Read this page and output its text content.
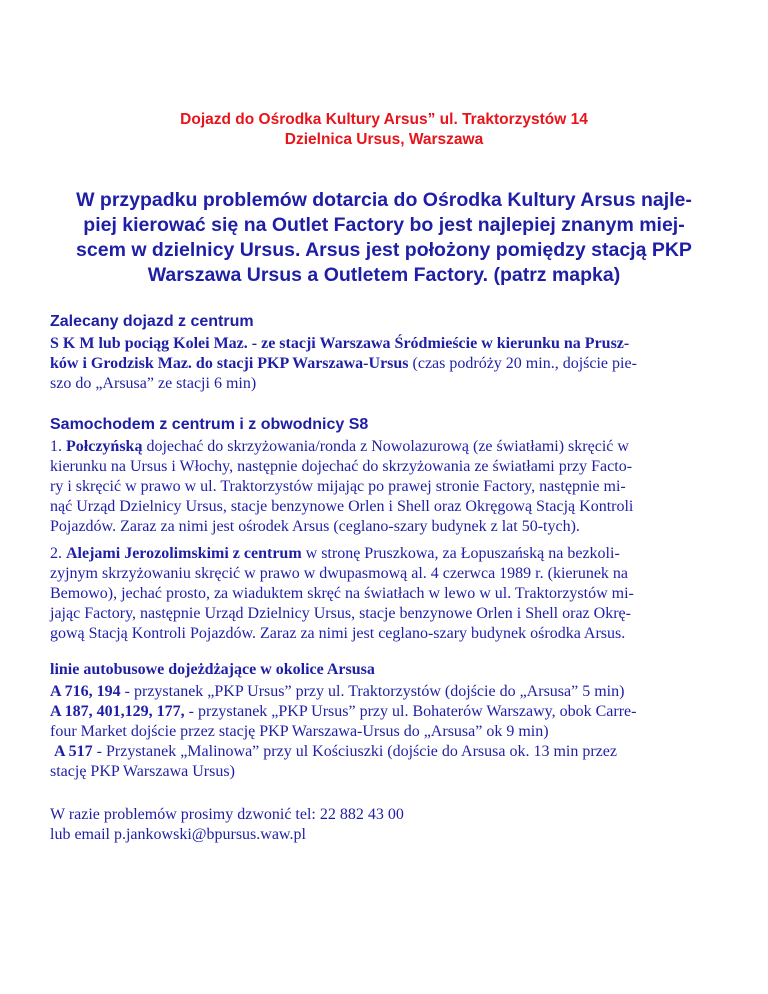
Dojazd do Ośrodka Kultury Arsus” ul. Traktorzystów 14
Dzielnica Ursus, Warszawa
W przypadku problemów dotarcia do Ośrodka Kultury Arsus najle-
piej kierować się na Outlet Factory bo jest najlepiej znanym miej-
scem w dzielnicy Ursus. Arsus jest położony pomiędzy stacją PKP
Warszawa Ursus a Outletem Factory. (patrz mapka)
Zalecany dojazd z centrum
S K M lub pociąg Kolei Maz. - ze stacji Warszawa Śródmieście w kierunku na Prusz-
ków i Grodzisk Maz. do stacji PKP Warszawa-Ursus (czas podróży 20 min., dojście pie-
szo do „Arsusa” ze stacji 6 min)
Samochodem z centrum i z obwodnicy S8
1. Połczyńską dojechać do skrzyżowania/ronda z Nowolazurową (ze światłami) skręcić w
kierunku na Ursus i Włochy, następnie dojechać do skrzyżowania ze światłami przy Facto-
ry i skręcić w prawo w ul. Traktorzystów mijając po prawej stronie Factory, następnie mi-
nąć Urząd Dzielnicy Ursus, stacje benzynowe Orlen i Shell oraz Okręgową Stacją Kontroli
Pojazdów. Zaraz za nimi jest ośrodek Arsus (ceglano-szary budynek z lat 50-tych).
2. Alejami Jerozolimskimi z centrum w stronę Pruszkowa, za Łopuszańską na bezkoli-
zyjnym skrzyżowaniu skręcić w prawo w dwupasmową al. 4 czerwca 1989 r. (kierunek na
Bemowo), jechać prosto, za wiaduktem skręć na światłach w lewo w ul. Traktorzystów mi-
jając Factory, następnie Urząd Dzielnicy Ursus, stacje benzynowe Orlen i Shell oraz Okrę-
gową Stacją Kontroli Pojazdów. Zaraz za nimi jest ceglano-szary budynek ośrodka Arsus.
linie autobusowe dojeżdżające w okolice Arsusa
A 716, 194 - przystanek „PKP Ursus” przy ul. Traktorzystów (dojście do „Arsusa” 5 min)
A 187, 401,129, 177, - przystanek „PKP Ursus” przy ul. Bohaterów Warszawy, obok Carre-
four Market dojście przez stację PKP Warszawa-Ursus do „Arsusa” ok 9 min)
A 517 - Przystanek „Malinowa” przy ul Kościuszki (dojście do Arsusa ok. 13 min przez
stację PKP Warszawa Ursus)
W razie problemów prosimy dzwonić tel: 22 882 43 00
lub email p.jankowski@bpursus.waw.pl
